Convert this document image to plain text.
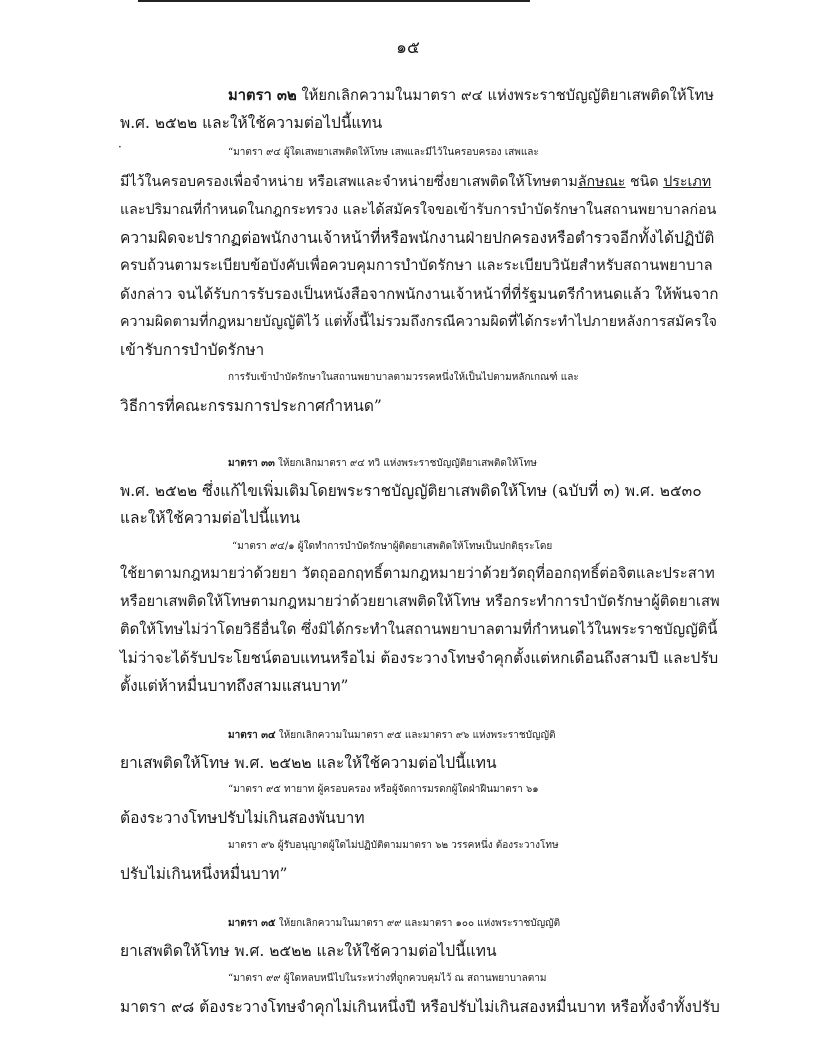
๑๕
·
มาตรา ๓๒ ให้ยกเลิกความในมาตรา ๙๔ แห่งพระราชบัญญัติยาเสพติดให้โทษ
พ.ศ. ๒๕๒๒ และให้ใช้ความต่อไปนี้แทน
“มาตรา ๙๔ ผู้ใดเสพยาเสพติดให้โทษ เสพและมีไว้ในครอบครอง เสพและ
มีไว้ในครอบครองเพื่อจำหน่าย หรือเสพและจำหน่ายซึ่งยาเสพติดให้โทษตามลักษณะ ชนิด ประเภท
และปริมาณที่กำหนดในกฎกระทรวง และได้สมัครใจขอเข้ารับการบำบัดรักษาในสถานพยาบาลก่อน
ความผิดจะปรากฏต่อพนักงานเจ้าหน้าที่หรือพนักงานฝ่ายปกครองหรือตำรวจอีกทั้งได้ปฏิบัติ
ครบถ้วนตามระเบียบข้อบังคับเพื่อควบคุมการบำบัดรักษา และระเบียบวินัยสำหรับสถานพยาบาล
ดังกล่าว จนได้รับการรับรองเป็นหนังสือจากพนักงานเจ้าหน้าที่ที่รัฐมนตรีกำหนดแล้ว ให้พ้นจาก
ความผิดตามที่กฎหมายบัญญัติไว้ แต่ทั้งนี้ไม่รวมถึงกรณีความผิดที่ได้กระทำไปภายหลังการสมัครใจ
เข้ารับการบำบัดรักษา
การรับเข้าบำบัดรักษาในสถานพยาบาลตามวรรคหนึ่งให้เป็นไปตามหลักเกณฑ์ และ
วิธีการที่คณะกรรมการประกาศกำหนด”
มาตรา ๓๓ ให้ยกเลิกมาตรา ๙๔ ทวิ แห่งพระราชบัญญัติยาเสพติดให้โทษ
พ.ศ. ๒๕๒๒ ซึ่งแก้ไขเพิ่มเติมโดยพระราชบัญญัติยาเสพติดให้โทษ (ฉบับที่ ๓) พ.ศ. ๒๕๓๐
และให้ใช้ความต่อไปนี้แทน
“มาตรา ๙๔/๑ ผู้ใดทำการบำบัดรักษาผู้ติดยาเสพติดให้โทษเป็นปกติธุระโดย
ใช้ยาตามกฎหมายว่าด้วยยา วัตถุออกฤทธิ์ตามกฎหมายว่าด้วยวัตถุที่ออกฤทธิ์ต่อจิตและประสาท
หรือยาเสพติดให้โทษตามกฎหมายว่าด้วยยาเสพติดให้โทษ หรือกระทำการบำบัดรักษาผู้ติดยาเสพ
ติดให้โทษไม่ว่าโดยวิธีอื่นใด ซึ่งมิได้กระทำในสถานพยาบาลตามที่กำหนดไว้ในพระราชบัญญัตินี้
ไม่ว่าจะได้รับประโยชน์ตอบแทนหรือไม่ ต้องระวางโทษจำคุกตั้งแต่หกเดือนถึงสามปี และปรับ
ตั้งแต่ห้าหมื่นบาทถึงสามแสนบาท”
มาตรา ๓๔ ให้ยกเลิกความในมาตรา ๙๕ และมาตรา ๙๖ แห่งพระราชบัญญัติ
ยาเสพติดให้โทษ พ.ศ. ๒๕๒๒ และให้ใช้ความต่อไปนี้แทน
“มาตรา ๙๕ ทายาท ผู้ครอบครอง หรือผู้จัดการมรดกผู้ใดฝ่าฝืนมาตรา ๖๑
ต้องระวางโทษปรับไม่เกินสองพันบาท
มาตรา ๙๖ ผู้รับอนุญาตผู้ใดไม่ปฏิบัติตามมาตรา ๖๒ วรรคหนึ่ง ต้องระวางโทษ
ปรับไม่เกินหนึ่งหมื่นบาท”
มาตรา ๓๕ ให้ยกเลิกความในมาตรา ๙๙ และมาตรา ๑๐๐ แห่งพระราชบัญญัติ
ยาเสพติดให้โทษ พ.ศ. ๒๕๒๒ และให้ใช้ความต่อไปนี้แทน
“มาตรา ๙๙ ผู้ใดหลบหนีไปในระหว่างที่ถูกควบคุมไว้ ณ สถานพยาบาลตาม
มาตรา ๙๘ ต้องระวางโทษจำคุกไม่เกินหนึ่งปี หรือปรับไม่เกินสองหมื่นบาท หรือทั้งจำทั้งปรับ
